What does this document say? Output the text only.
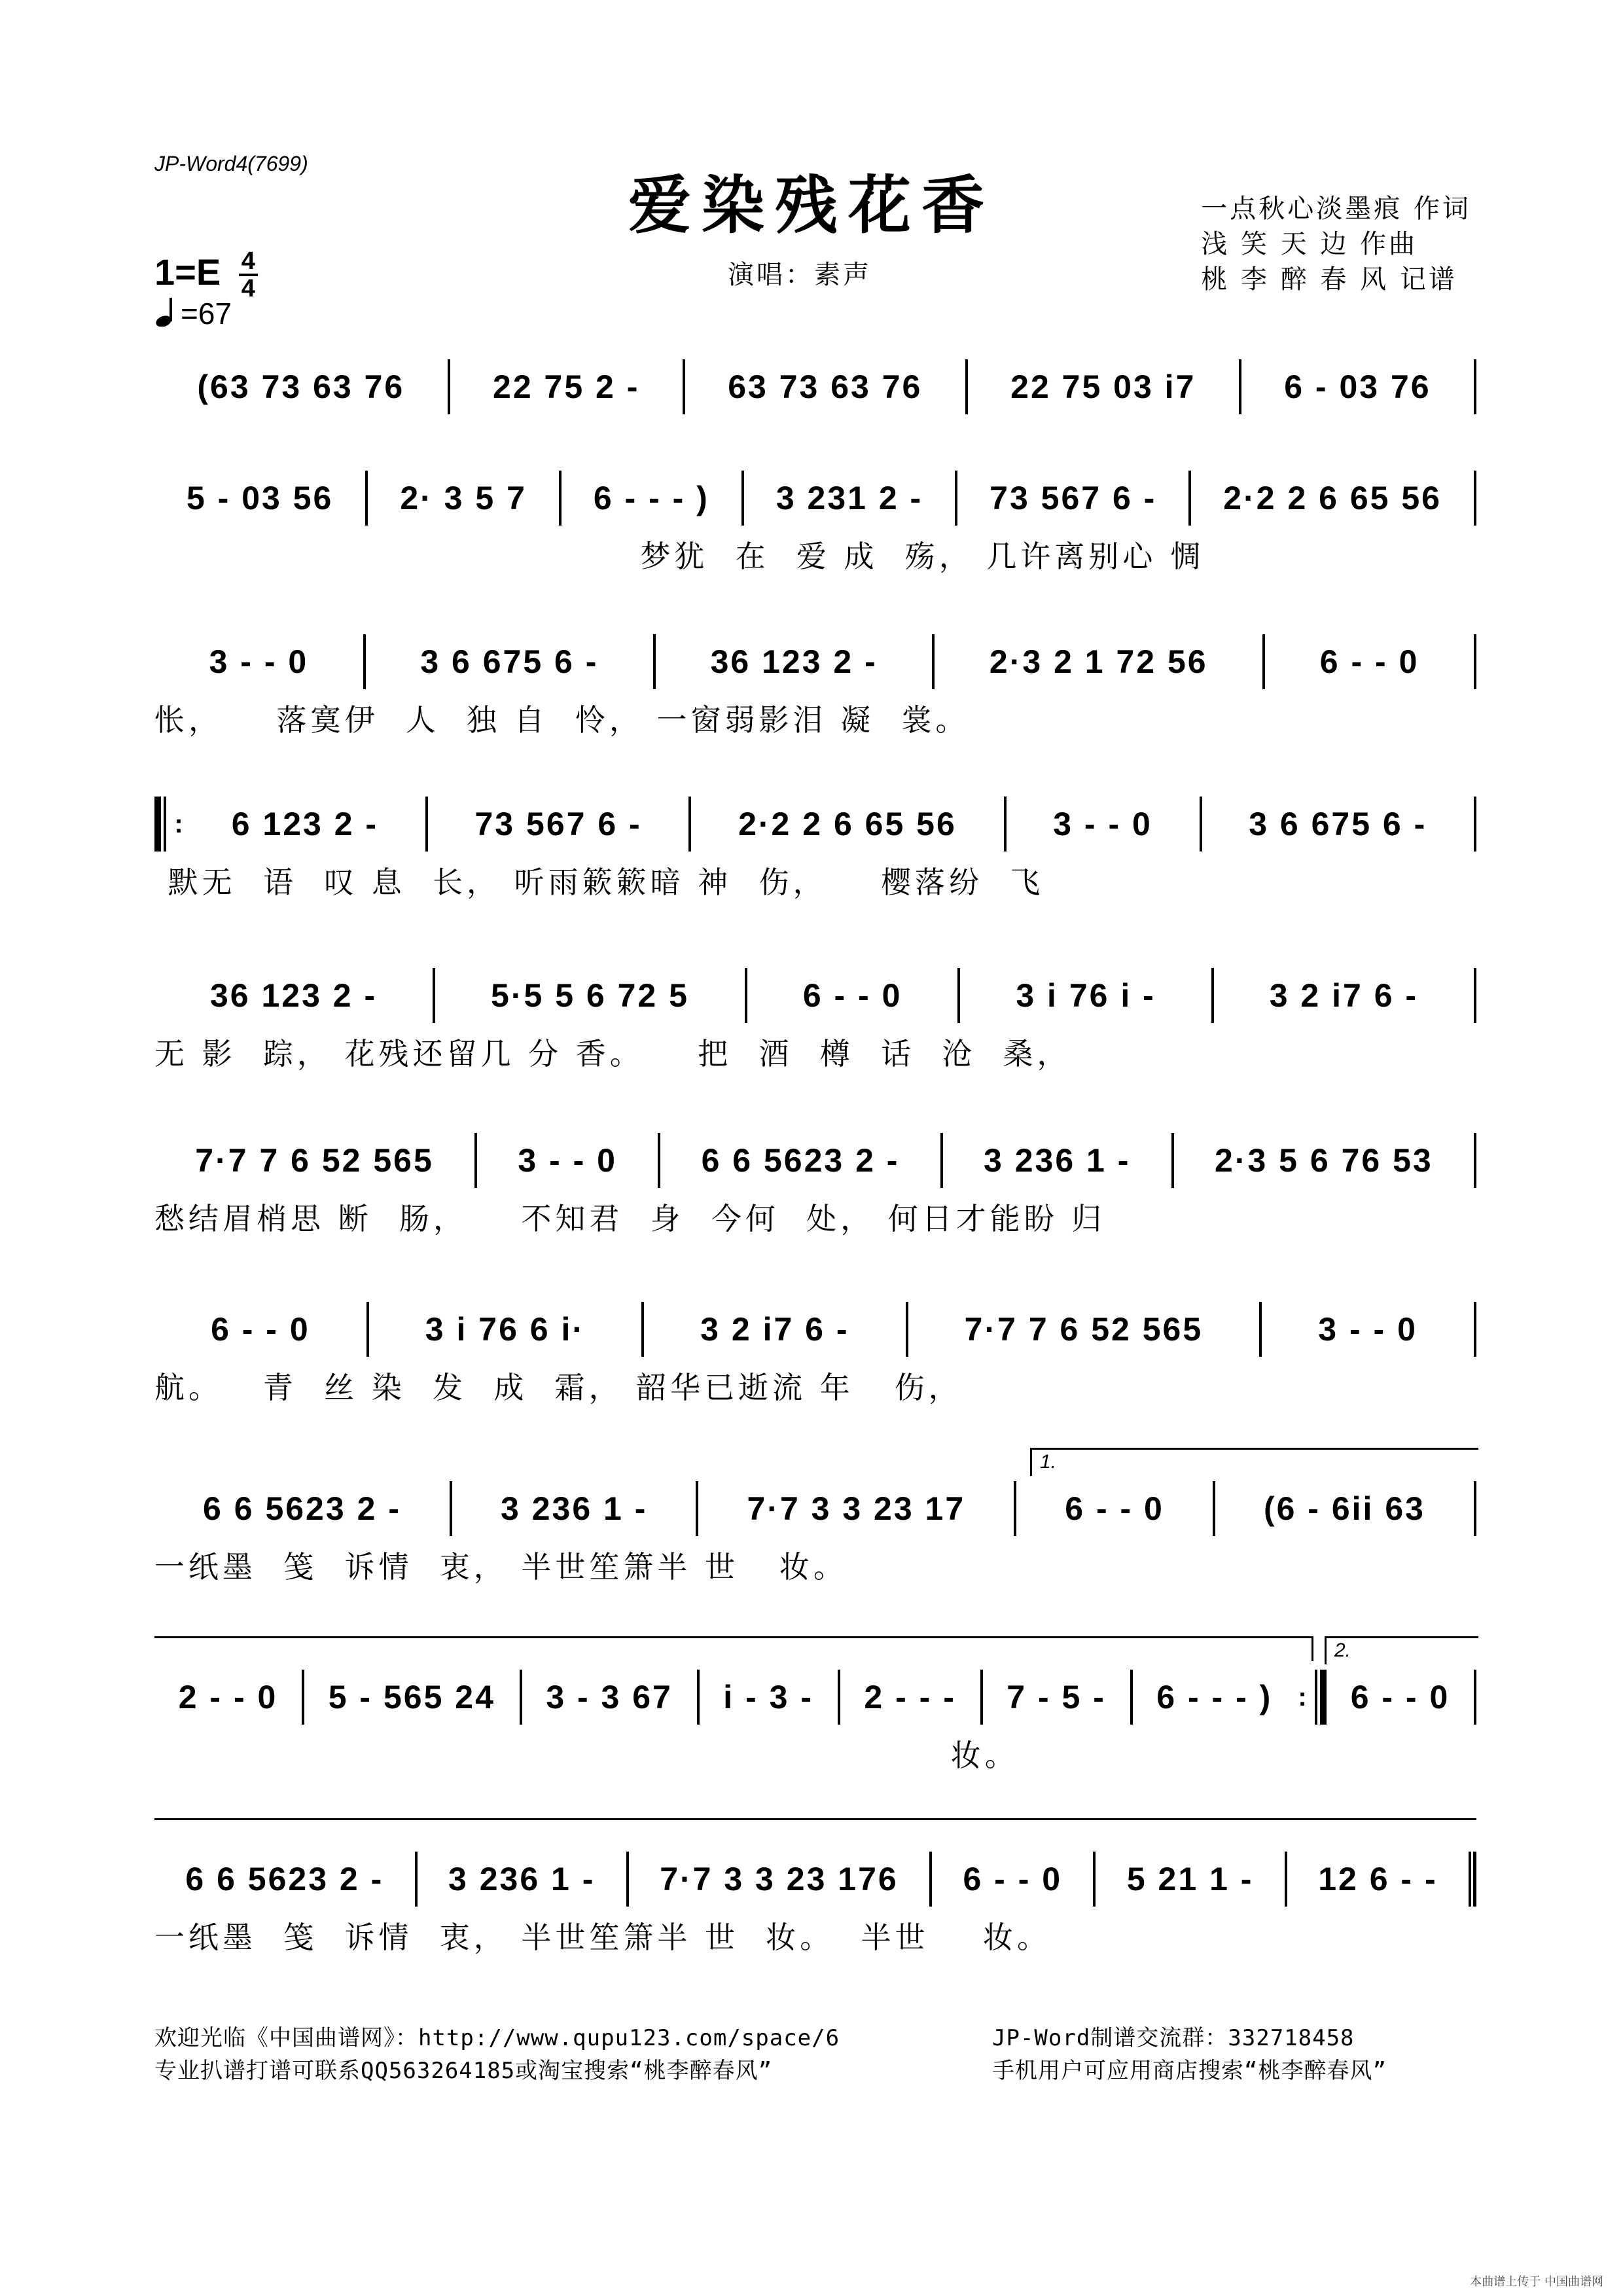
JP-Word4(7699)
爱染残花香	一点秋心淡墨痕 作词
浅 笑 天 边 作曲
桃 李 醉 春 风 记谱
$1=E \frac{4}{4}$
=67
演唱：素声
(63 73 63 76	22 75 2 -	63 73 63 76	22 75 03 i7	6 - 03 76
5 - 03 56	2· 3 5 7	6 - - - )	3 231 2 -	73 567 6 -	2·2 2 6 65 56
梦犹  在  爱 成  殇， 几许离别心 惆
3 - - 0	3 6 675 6 -	36 123 2 -	2·3 2 1 72 56	6 - - 0
怅，    落寞伊  人  独 自  怜， 一窗弱影泪 凝  裳。
:	6 123 2 -	73 567 6 -	2·2 2 6 65 56	3 - - 0	3 6 675 6 -
默无  语  叹 息  长， 听雨簌簌暗 神  伤，    樱落纷  飞
36 123 2 -	5·5 5 6 72 5	6 - - 0	3 i 76 i -	3 2 i7 6 -
无 影  踪， 花残还留几 分 香。    把  酒  樽  话  沧  桑，
7·7 7 6 52 565	3 - - 0	6 6 5623 2 -	3 236 1 -	2·3 5 6 76 53
愁结眉梢思 断  肠，    不知君  身  今何  处， 何日才能盼 归
6 - - 0	3 i 76 6 i·	3 2 i7 6 -	7·7 7 6 52 565	3 - - 0
航。   青  丝 染  发  成  霜， 韶华已逝流 年   伤，
1.
6 6 5623 2 -	3 236 1 -	7·7 3 3 23 17	6 - - 0	(6 - 6ii 63
一纸墨  笺  诉情  衷， 半世笙箫半 世   妆。
2.
2 - - 0	5 - 565 24	3 - 3 67	i - 3 -	2 - - -	7 - 5 -	6 - - - ) :	6 - - 0
妆。
6 6 5623 2 -	3 236 1 -	7·7 3 3 23 176	6 - - 0	5 21 1 -	12 6 - -
一纸墨  笺  诉情  衷， 半世笙箫半 世  妆。  半世    妆。
欢迎光临《中国曲谱网》：http://www.qupu123.com/space/6	JP-Word制谱交流群：332718458
专业扒谱打谱可联系QQ563264185或淘宝搜索“桃李醉春风”	手机用户可应用商店搜索“桃李醉春风”
本曲谱上传于 中国曲谱网
